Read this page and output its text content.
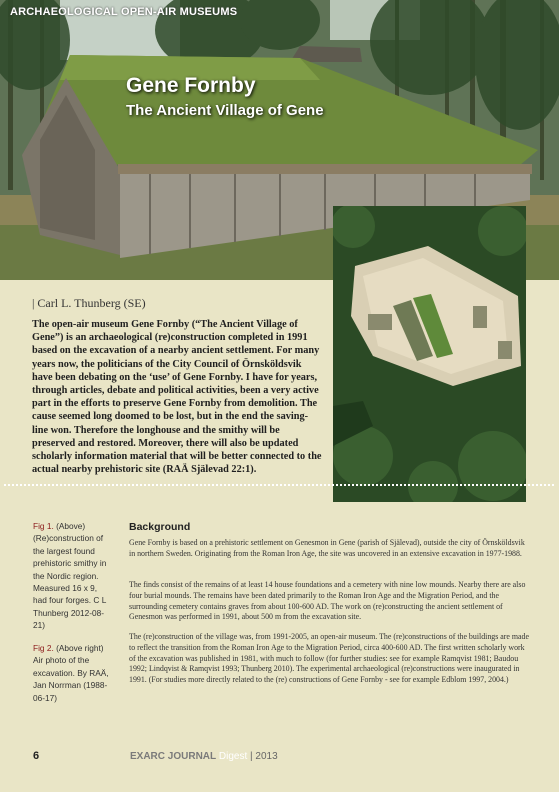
ARCHAEOLOGICAL OPEN-AIR MUSEUMS
Gene Fornby
The Ancient Village of Gene
| Carl L. Thunberg (SE)
The open-air museum Gene Fornby (“The Ancient Village of Gene”) is an archaeological (re)construction completed in 1991 based on the excavation of a nearby ancient settlement. For many years now, the politicians of the City Council of Örnsköldsvik have been debating on the ‘use’ of Gene Fornby. I have for years, through articles, debate and political activities, been a very active part in the efforts to preserve Gene Fornby from demolition. The cause seemed long doomed to be lost, but in the end the saving-line won. Therefore the longhouse and the smithy will be preserved and restored. Moreover, there will also be updated scholarly information material that will be better connected to the actual nearby prehistoric site (RAÄ Själevad 22:1).
Fig 1. (Above) (Re)construction of the largest found prehistoric smithy in the Nordic region. Measured 16 x 9, had four forges. C L Thunberg 2012-08-21)
Fig 2. (Above right) Air photo of the excavation. By RAÄ, Jan Norrman (1988-06-17)
Background

Gene Fornby is based on a prehistoric settlement on Genesmon in Gene (parish of Själevad), outside the city of Örnsköldsvik in northern Sweden. Originating from the Roman Iron Age, the site was uncovered in an extensive excavation in 1977-1988.

The finds consist of the remains of at least 14 house foundations and a cemetery with nine low mounds. Nearby there are also four burial mounds. The remains have been dated primarily to the Roman Iron Age and the Migration Period, and the surrounding cemetery contains graves from about 100-600 AD. The work on (re)constructing the ancient settlement of Genesmon was performed in 1991, about 500 m from the excavation site.

The (re)construction of the village was, from 1991-2005, an open-air museum. The (re)constructions of the buildings are made to reflect the transition from the Roman Iron Age to the Migration Period, circa 400-600 AD. The first written scholarly work of the excavation was published in 1981, with much to follow (for further studies: see for example Ramqvist 1981; Baudou 1992; Lindqvist & Ramqvist 1993; Thunberg 2010). The experimental archaeological (re)constructions were inaugurated in 1991. (For studies more directly related to the (re) constructions of Gene Fornby - see for example Edblom 1997, 2004.)

6	EXARC JOURNAL Digest | 2013
